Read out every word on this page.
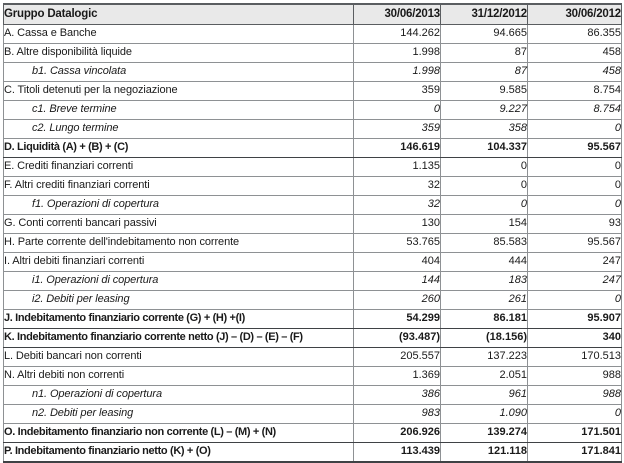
Gruppo Datalogic	30/06/2013	31/12/2012	30/06/2012
A. Cassa e Banche	144.262	94.665	86.355
B. Altre disponibilità liquide	1.998	87	458
b1. Cassa vincolata	1.998	87	458
C. Titoli detenuti per la negoziazione	359	9.585	8.754
c1. Breve termine	0	9.227	8.754
c2. Lungo termine	359	358	0
D. Liquidità (A) + (B) + (C)	146.619	104.337	95.567
E. Crediti finanziari correnti	1.135	0	0
F. Altri crediti finanziari correnti	32	0	0
f1. Operazioni di copertura	32	0	0
G. Conti correnti bancari passivi	130	154	93
H. Parte corrente dell'indebitamento non corrente	53.765	85.583	95.567
I. Altri debiti finanziari correnti	404	444	247
i1. Operazioni di copertura	144	183	247
i2. Debiti per leasing	260	261	0
J. Indebitamento finanziario corrente (G) + (H) +(I)	54.299	86.181	95.907
K. Indebitamento finanziario corrente netto (J) – (D) – (E) – (F)	(93.487)	(18.156)	340
L. Debiti bancari non correnti	205.557	137.223	170.513
N. Altri debiti non correnti	1.369	2.051	988
n1. Operazioni di copertura	386	961	988
n2. Debiti per leasing	983	1.090	0
O. Indebitamento finanziario non corrente (L) – (M) + (N)	206.926	139.274	171.501
P. Indebitamento finanziario netto (K) + (O)	113.439	121.118	171.841
